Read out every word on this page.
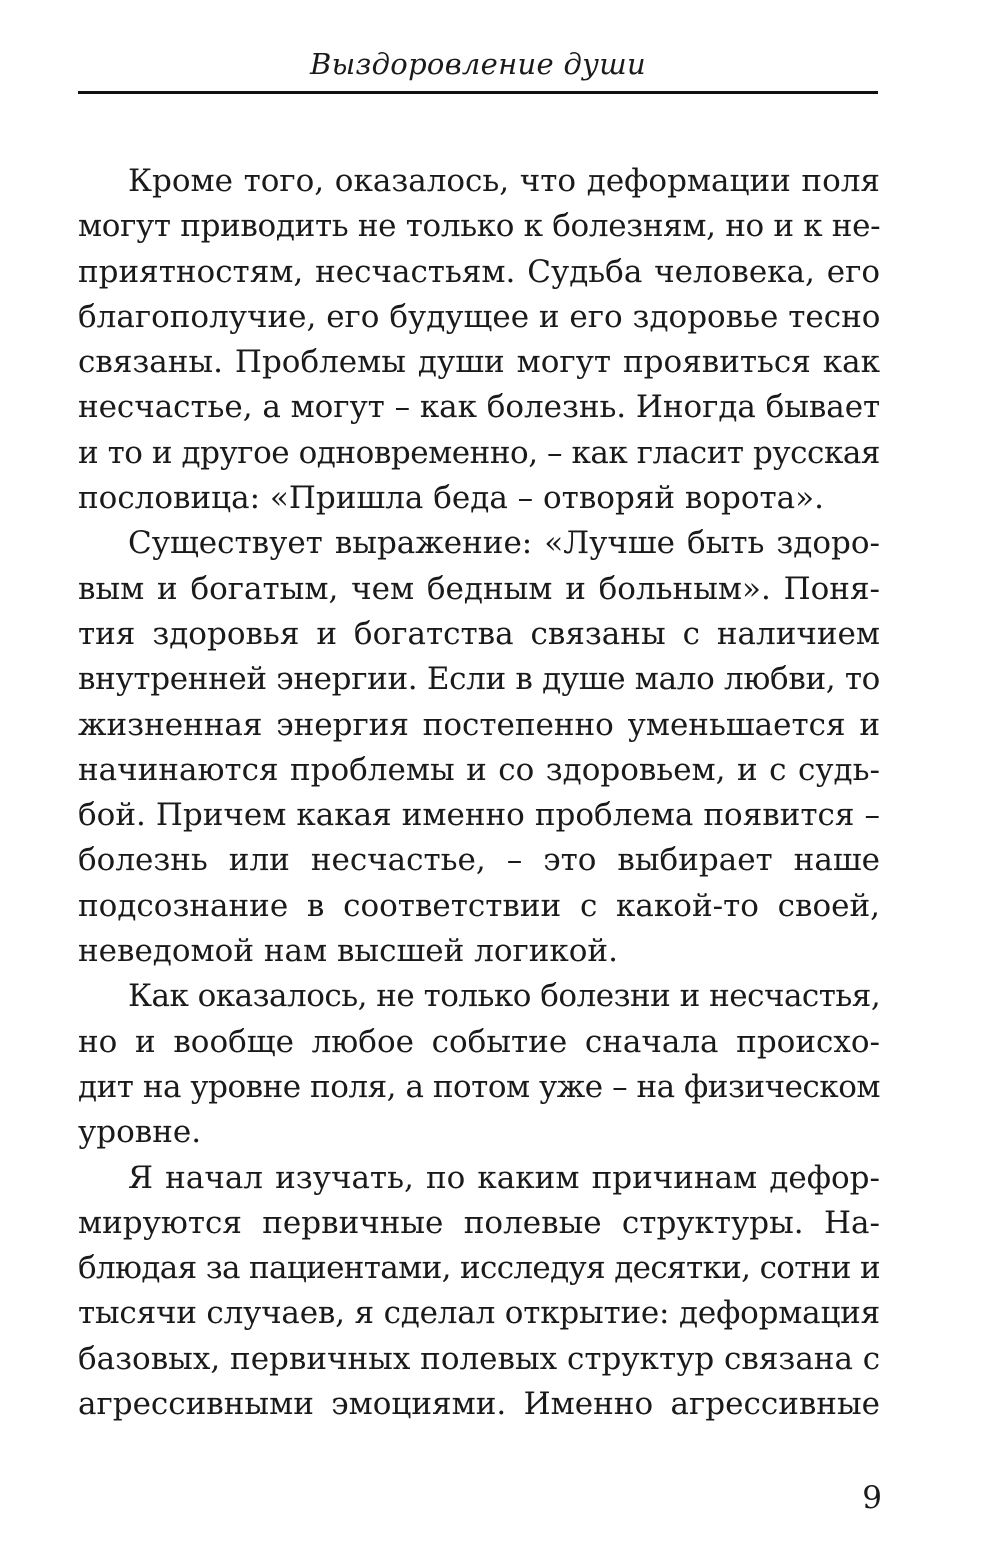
Выздоровление души

Кроме того, оказалось, что деформации поля
могут приводить не только к болезням, но и к не-
приятностям, несчастьям. Судьба человека, его
благополучие, его будущее и его здоровье тесно
связаны. Проблемы души могут проявиться как
несчастье, а могут – как болезнь. Иногда бывает
и то и другое одновременно, – как гласит русская
пословица: «Пришла беда – отворяй ворота».

Существует выражение: «Лучше быть здоро-
вым и богатым, чем бедным и больным». Поня-
тия здоровья и богатства связаны с наличием
внутренней энергии. Если в душе мало любви, то
жизненная энергия постепенно уменьшается и
начинаются проблемы и со здоровьем, и с судь-
бой. Причем какая именно проблема появится –
болезнь или несчастье, – это выбирает наше
подсознание в соответствии с какой-то своей,
неведомой нам высшей логикой.

Как оказалось, не только болезни и несчастья,
но и вообще любое событие сначала происхо-
дит на уровне поля, а потом уже – на физическом
уровне.

Я начал изучать, по каким причинам дефор-
мируются первичные полевые структуры. На-
блюдая за пациентами, исследуя десятки, сотни и
тысячи случаев, я сделал открытие: деформация
базовых, первичных полевых структур связана с
агрессивными эмоциями. Именно агрессивные

9
